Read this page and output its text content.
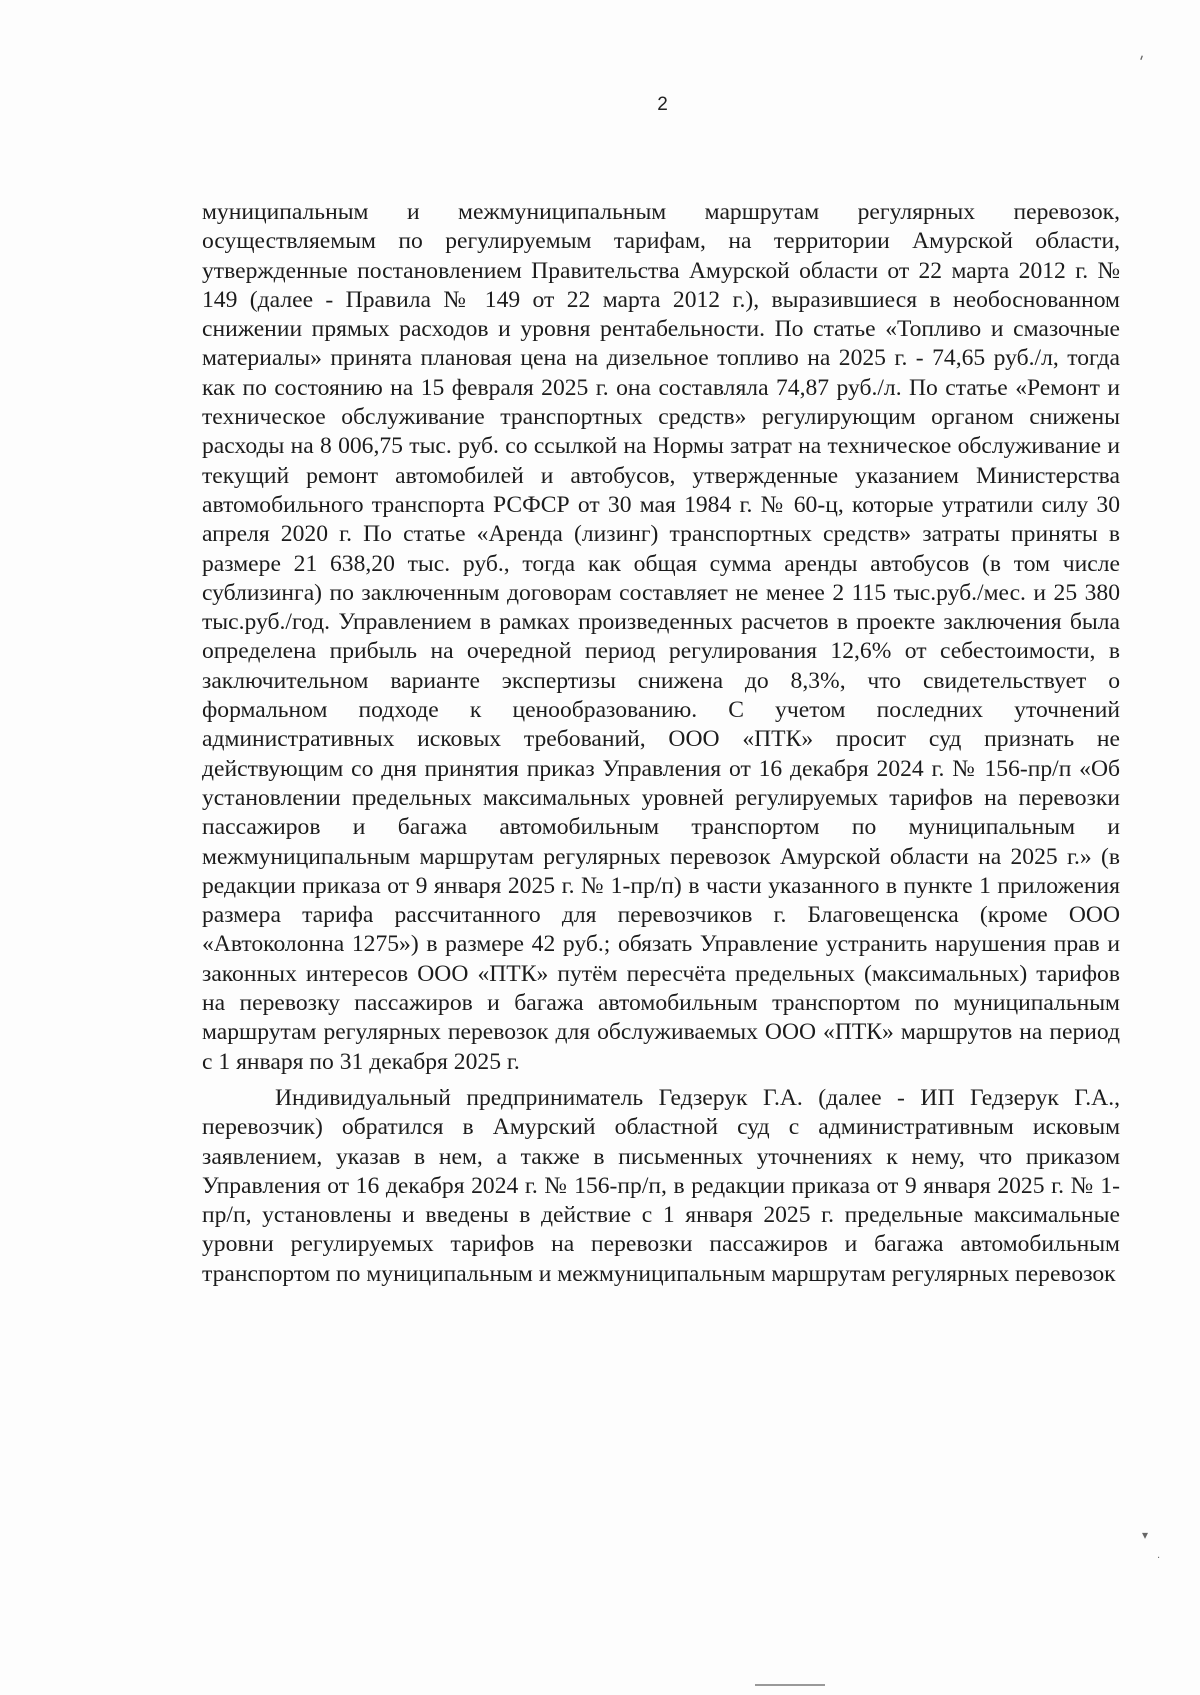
2

муниципальным и межмуниципальным маршрутам регулярных перевозок, осуществляемым по регулируемым тарифам, на территории Амурской области, утвержденные постановлением Правительства Амурской области от 22 марта 2012 г. № 149 (далее - Правила № 149 от 22 марта 2012 г.), выразившиеся в необоснованном снижении прямых расходов и уровня рентабельности. По статье «Топливо и смазочные материалы» принята плановая цена на дизельное топливо на 2025 г. - 74,65 руб./л, тогда как по состоянию на 15 февраля 2025 г. она составляла 74,87 руб./л. По статье «Ремонт и техническое обслуживание транспортных средств» регулирующим органом снижены расходы на 8 006,75 тыс. руб. со ссылкой на Нормы затрат на техническое обслуживание и текущий ремонт автомобилей и автобусов, утвержденные указанием Министерства автомобильного транспорта РСФСР от 30 мая 1984 г. № 60-ц, которые утратили силу 30 апреля 2020 г. По статье «Аренда (лизинг) транспортных средств» затраты приняты в размере 21 638,20 тыс. руб., тогда как общая сумма аренды автобусов (в том числе сублизинга) по заключенным договорам составляет не менее 2 115 тыс.руб./мес. и 25 380 тыс.руб./год. Управлением в рамках произведенных расчетов в проекте заключения была определена прибыль на очередной период регулирования 12,6% от себестоимости, в заключительном варианте экспертизы снижена до 8,3%, что свидетельствует о формальном подходе к ценообразованию. С учетом последних уточнений административных исковых требований, ООО «ПТК» просит суд признать не действующим со дня принятия приказ Управления от 16 декабря 2024 г. № 156-пр/п «Об установлении предельных максимальных уровней регулируемых тарифов на перевозки пассажиров и багажа автомобильным транспортом по муниципальным и межмуниципальным маршрутам регулярных перевозок Амурской области на 2025 г.» (в редакции приказа от 9 января 2025 г. № 1-пр/п) в части указанного в пункте 1 приложения размера тарифа рассчитанного для перевозчиков г. Благовещенска (кроме ООО «Автоколонна 1275») в размере 42 руб.; обязать Управление устранить нарушения прав и законных интересов ООО «ПТК» путём пересчёта предельных (максимальных) тарифов на перевозку пассажиров и багажа автомобильным транспортом по муниципальным маршрутам регулярных перевозок для обслуживаемых ООО «ПТК» маршрутов на период с 1 января по 31 декабря 2025 г.

Индивидуальный предприниматель Гедзерук Г.А. (далее - ИП Гедзерук Г.А., перевозчик) обратился в Амурский областной суд с административным исковым заявлением, указав в нем, а также в письменных уточнениях к нему, что приказом Управления от 16 декабря 2024 г. № 156-пр/п, в редакции приказа от 9 января 2025 г. № 1-пр/п, установлены и введены в действие с 1 января 2025 г. предельные максимальные уровни регулируемых тарифов на перевозки пассажиров и багажа автомобильным транспортом по муниципальным и межмуниципальным маршрутам регулярных перевозок

'
▾
·
